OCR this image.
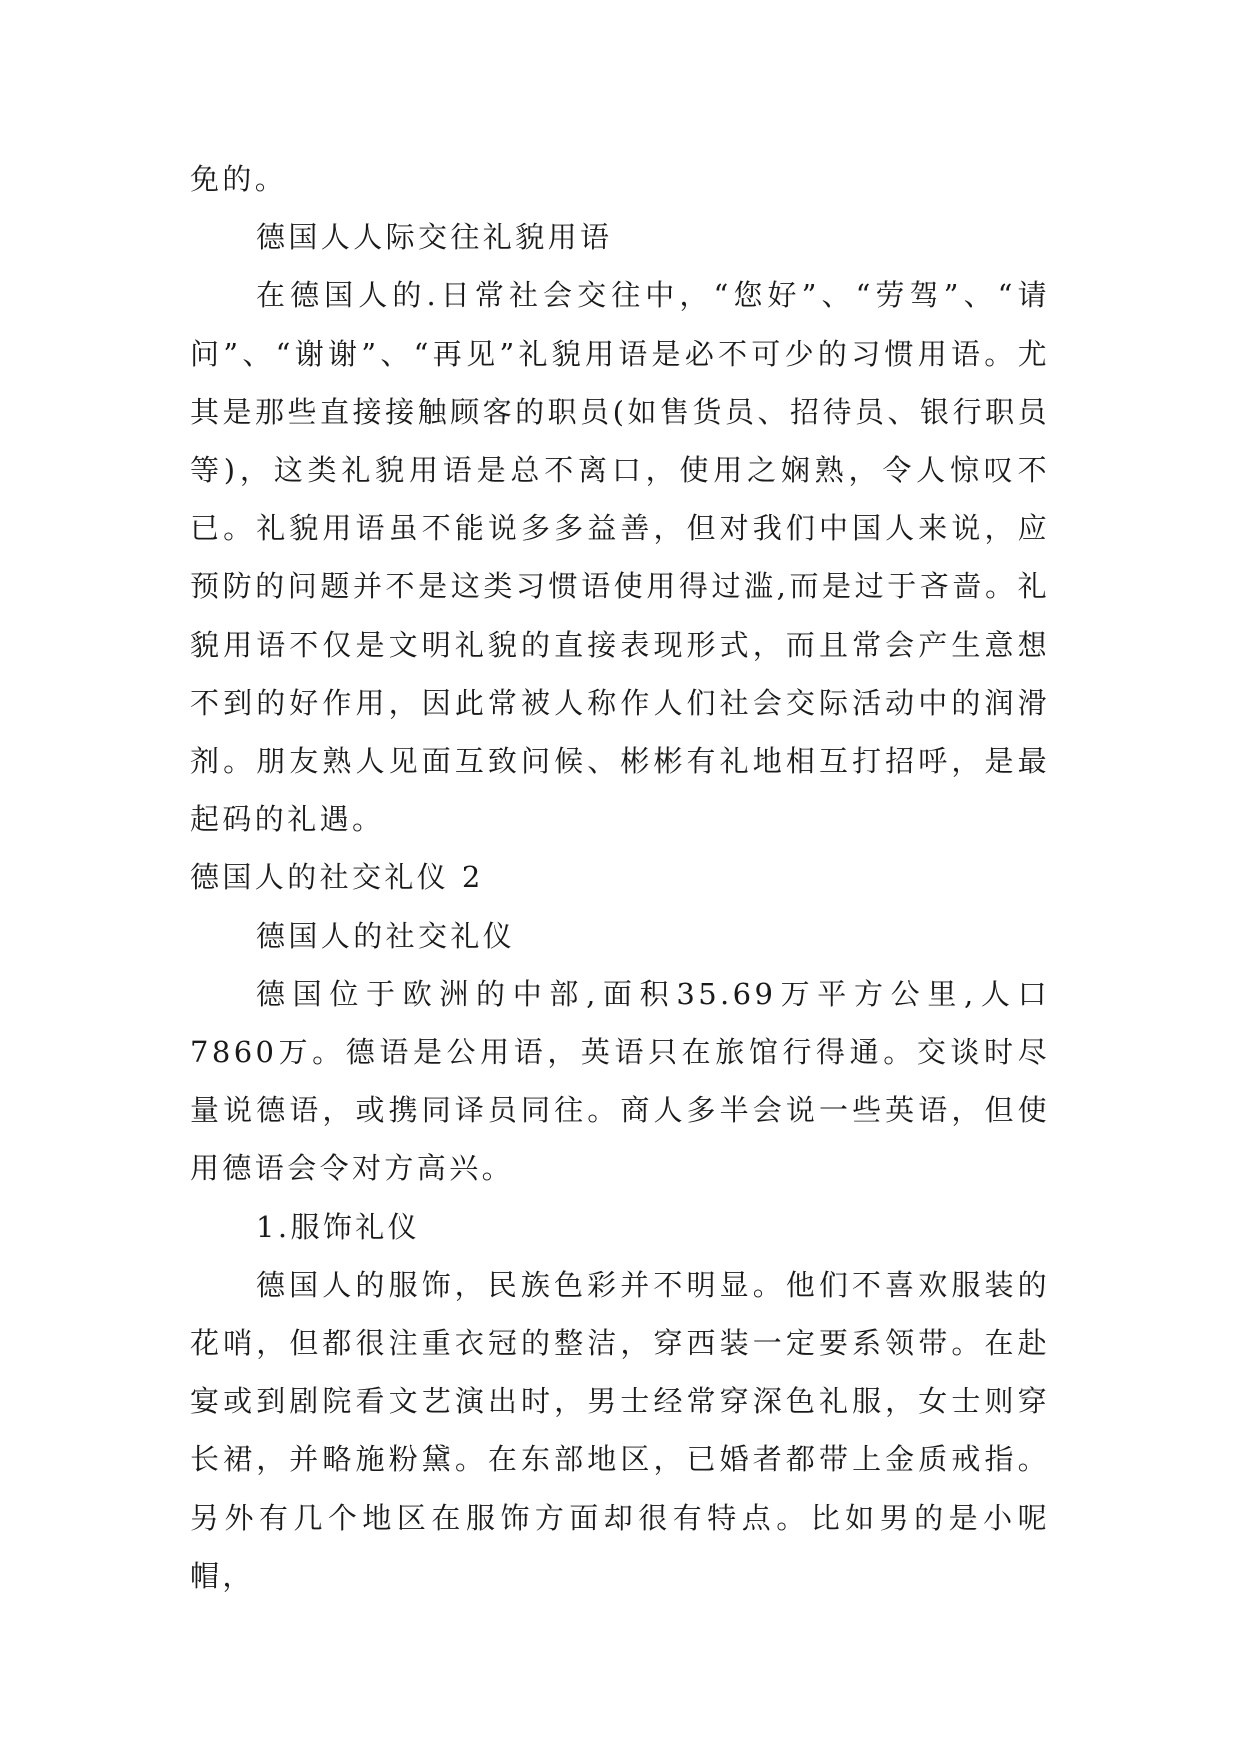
免的。

德国人人际交往礼貌用语

在德国人的.日常社会交往中，“您好”、“劳驾”、“请问”、“谢谢”、“再见”礼貌用语是必不可少的习惯用语。尤其是那些直接接触顾客的职员(如售货员、招待员、银行职员等)，这类礼貌用语是总不离口，使用之娴熟，令人惊叹不已。礼貌用语虽不能说多多益善，但对我们中国人来说，应预防的问题并不是这类习惯语使用得过滥,而是过于吝啬。礼貌用语不仅是文明礼貌的直接表现形式，而且常会产生意想不到的好作用，因此常被人称作人们社会交际活动中的润滑剂。朋友熟人见面互致问候、彬彬有礼地相互打招呼，是最起码的礼遇。

德国人的社交礼仪 2

德国人的社交礼仪

德国位于欧洲的中部,面积35.69万平方公里,人口7860万。德语是公用语，英语只在旅馆行得通。交谈时尽量说德语，或携同译员同往。商人多半会说一些英语，但使用德语会令对方高兴。

1.服饰礼仪

德国人的服饰，民族色彩并不明显。他们不喜欢服装的花哨，但都很注重衣冠的整洁，穿西装一定要系领带。在赴宴或到剧院看文艺演出时，男士经常穿深色礼服，女士则穿长裙，并略施粉黛。在东部地区，已婚者都带上金质戒指。另外有几个地区在服饰方面却很有特点。比如男的是小呢帽，
